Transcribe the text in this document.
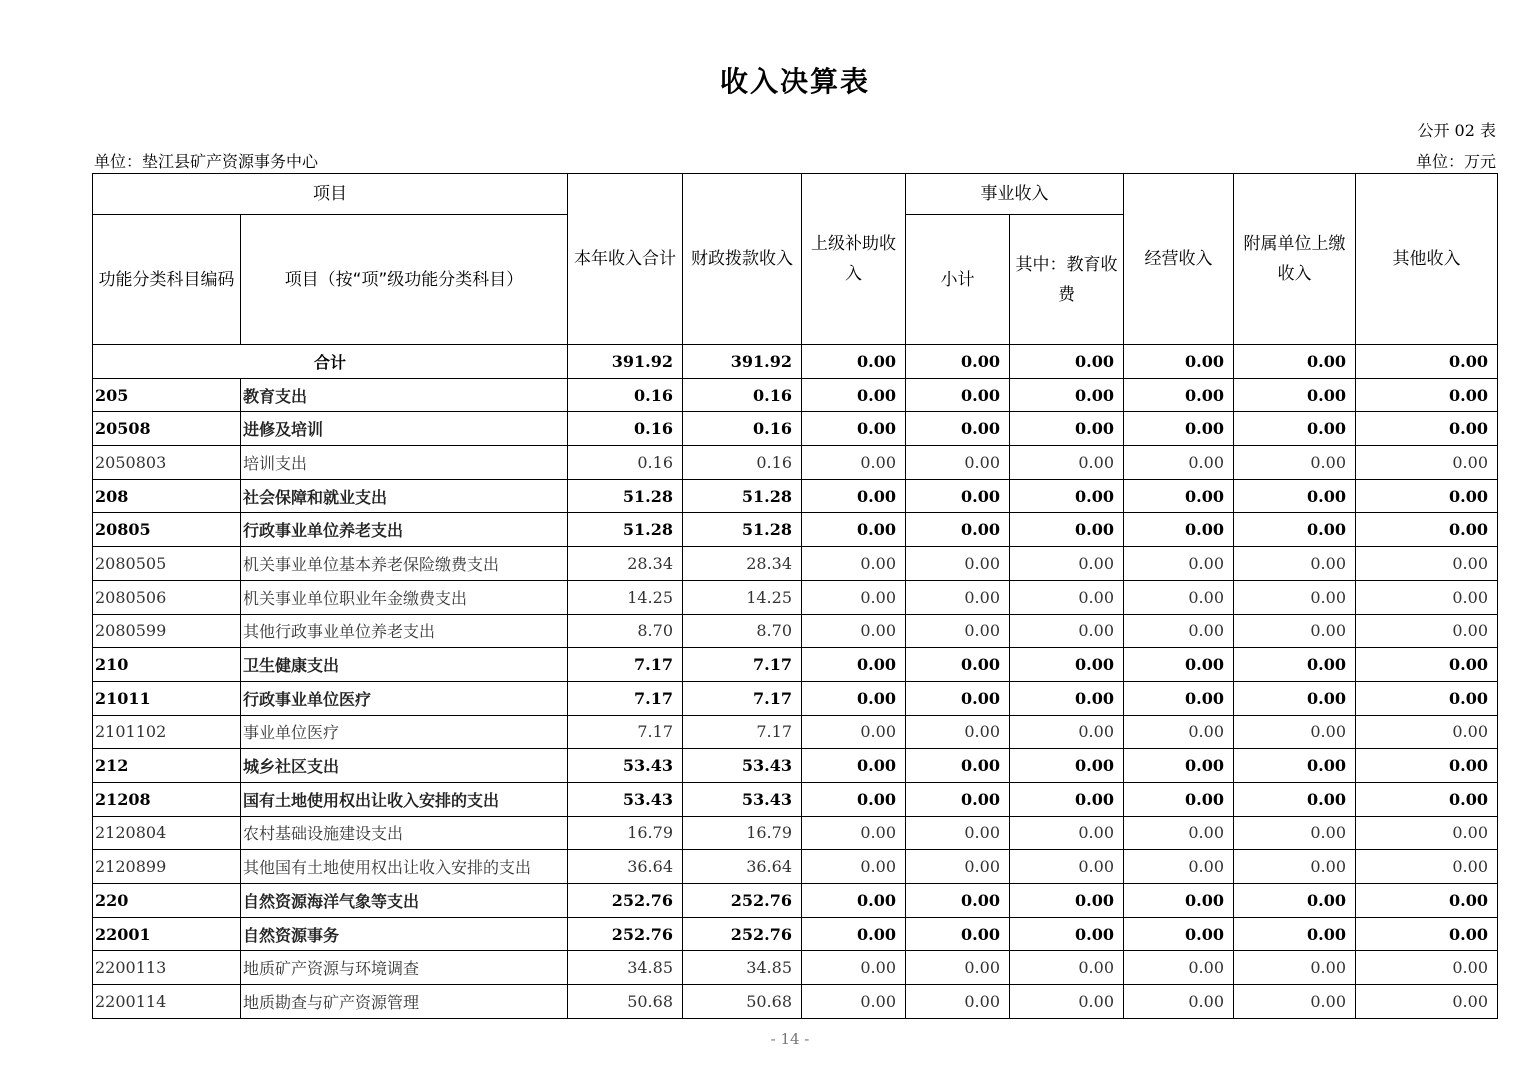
收入决算表
公开 02 表
单位：垫江县矿产资源事务中心	单位：万元
项目		本年收入合计	财政拨款收入	上级补助收入	事业收入		经营收入	附属单位上缴收入	其他收入
功能分类科目编码	项目（按“项”级功能分类科目）				小计	其中：教育收费			
合计		391.92	391.92	0.00	0.00	0.00	0.00	0.00	0.00
205	教育支出	0.16	0.16	0.00	0.00	0.00	0.00	0.00	0.00
20508	进修及培训	0.16	0.16	0.00	0.00	0.00	0.00	0.00	0.00
2050803	培训支出	0.16	0.16	0.00	0.00	0.00	0.00	0.00	0.00
208	社会保障和就业支出	51.28	51.28	0.00	0.00	0.00	0.00	0.00	0.00
20805	行政事业单位养老支出	51.28	51.28	0.00	0.00	0.00	0.00	0.00	0.00
2080505	机关事业单位基本养老保险缴费支出	28.34	28.34	0.00	0.00	0.00	0.00	0.00	0.00
2080506	机关事业单位职业年金缴费支出	14.25	14.25	0.00	0.00	0.00	0.00	0.00	0.00
2080599	其他行政事业单位养老支出	8.70	8.70	0.00	0.00	0.00	0.00	0.00	0.00
210	卫生健康支出	7.17	7.17	0.00	0.00	0.00	0.00	0.00	0.00
21011	行政事业单位医疗	7.17	7.17	0.00	0.00	0.00	0.00	0.00	0.00
2101102	事业单位医疗	7.17	7.17	0.00	0.00	0.00	0.00	0.00	0.00
212	城乡社区支出	53.43	53.43	0.00	0.00	0.00	0.00	0.00	0.00
21208	国有土地使用权出让收入安排的支出	53.43	53.43	0.00	0.00	0.00	0.00	0.00	0.00
2120804	农村基础设施建设支出	16.79	16.79	0.00	0.00	0.00	0.00	0.00	0.00
2120899	其他国有土地使用权出让收入安排的支出	36.64	36.64	0.00	0.00	0.00	0.00	0.00	0.00
220	自然资源海洋气象等支出	252.76	252.76	0.00	0.00	0.00	0.00	0.00	0.00
22001	自然资源事务	252.76	252.76	0.00	0.00	0.00	0.00	0.00	0.00
2200113	地质矿产资源与环境调查	34.85	34.85	0.00	0.00	0.00	0.00	0.00	0.00
2200114	地质勘查与矿产资源管理	50.68	50.68	0.00	0.00	0.00	0.00	0.00	0.00
- 14 -
